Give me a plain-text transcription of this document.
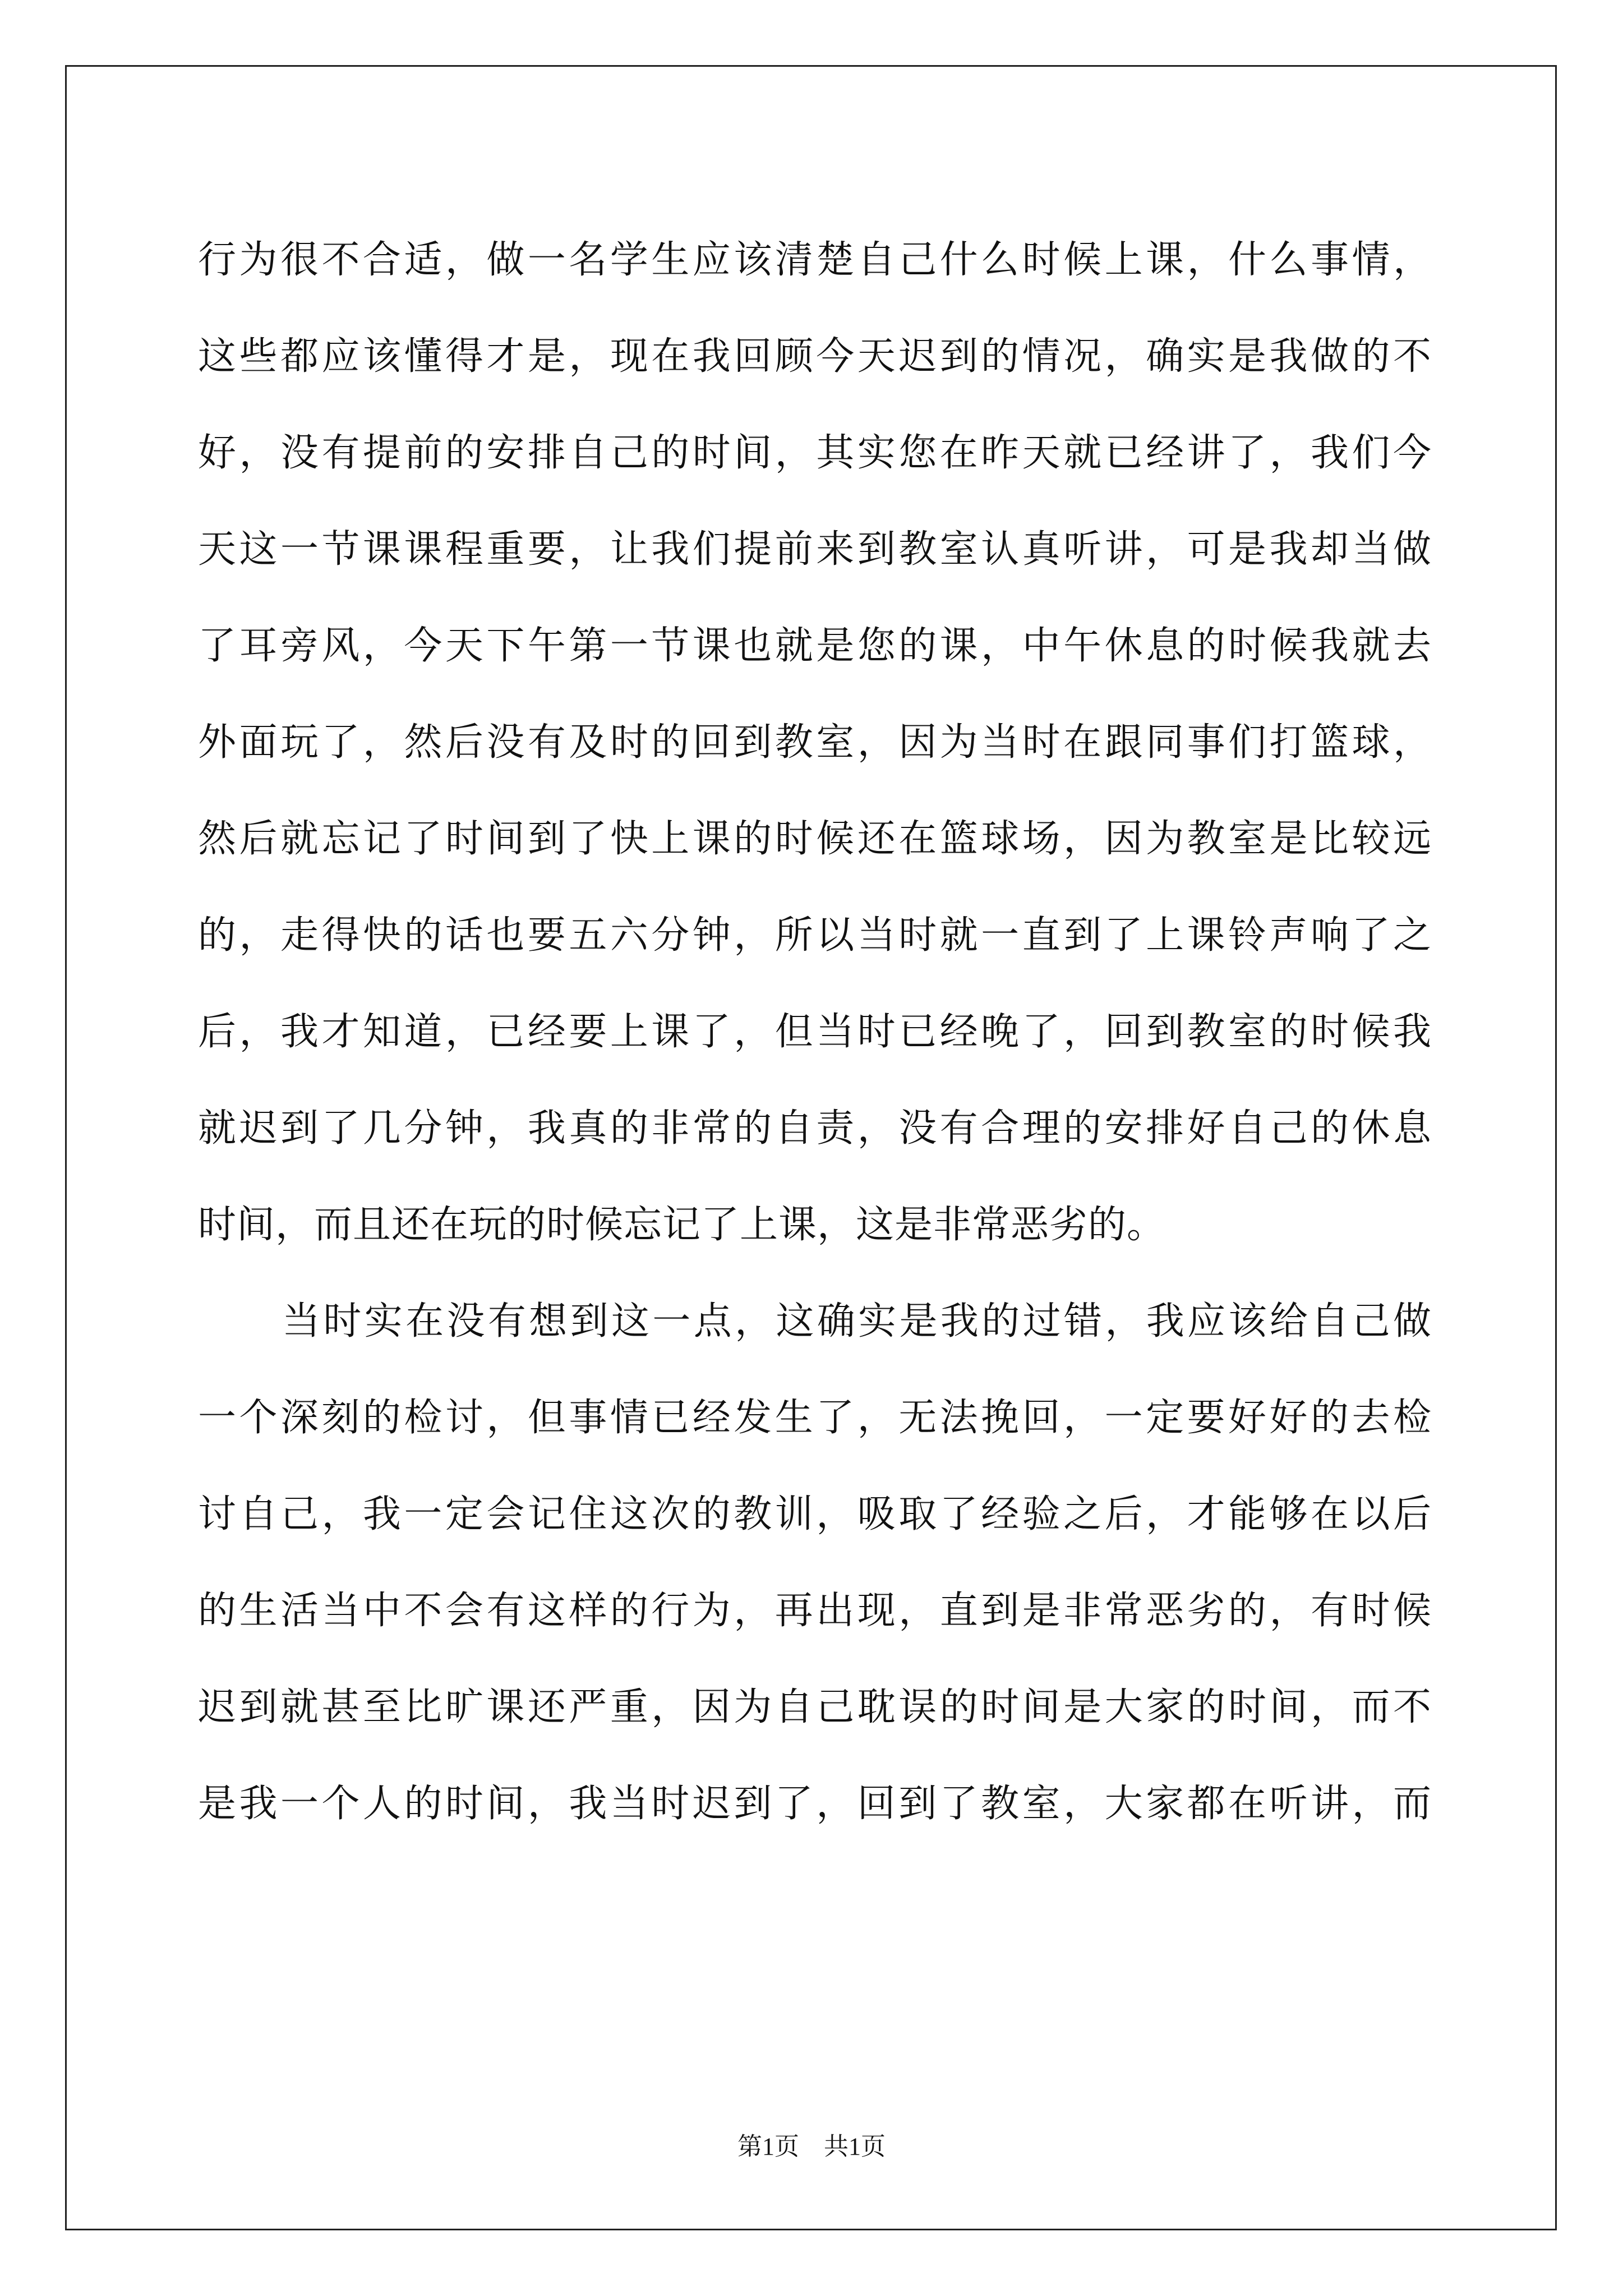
行为很不合适，做一名学生应该清楚自己什么时候上课，什么事情，
这些都应该懂得才是，现在我回顾今天迟到的情况，确实是我做的不
好，没有提前的安排自己的时间，其实您在昨天就已经讲了，我们今
天这一节课课程重要，让我们提前来到教室认真听讲，可是我却当做
了耳旁风，今天下午第一节课也就是您的课，中午休息的时候我就去
外面玩了，然后没有及时的回到教室，因为当时在跟同事们打篮球，
然后就忘记了时间到了快上课的时候还在篮球场，因为教室是比较远
的，走得快的话也要五六分钟，所以当时就一直到了上课铃声响了之
后，我才知道，已经要上课了，但当时已经晚了，回到教室的时候我
就迟到了几分钟，我真的非常的自责，没有合理的安排好自己的休息
时间，而且还在玩的时候忘记了上课，这是非常恶劣的。
当时实在没有想到这一点，这确实是我的过错，我应该给自己做
一个深刻的检讨，但事情已经发生了，无法挽回，一定要好好的去检
讨自己，我一定会记住这次的教训，吸取了经验之后，才能够在以后
的生活当中不会有这样的行为，再出现，直到是非常恶劣的，有时候
迟到就甚至比旷课还严重，因为自己耽误的时间是大家的时间，而不
是我一个人的时间，我当时迟到了，回到了教室，大家都在听讲，而
第1页　共1页
